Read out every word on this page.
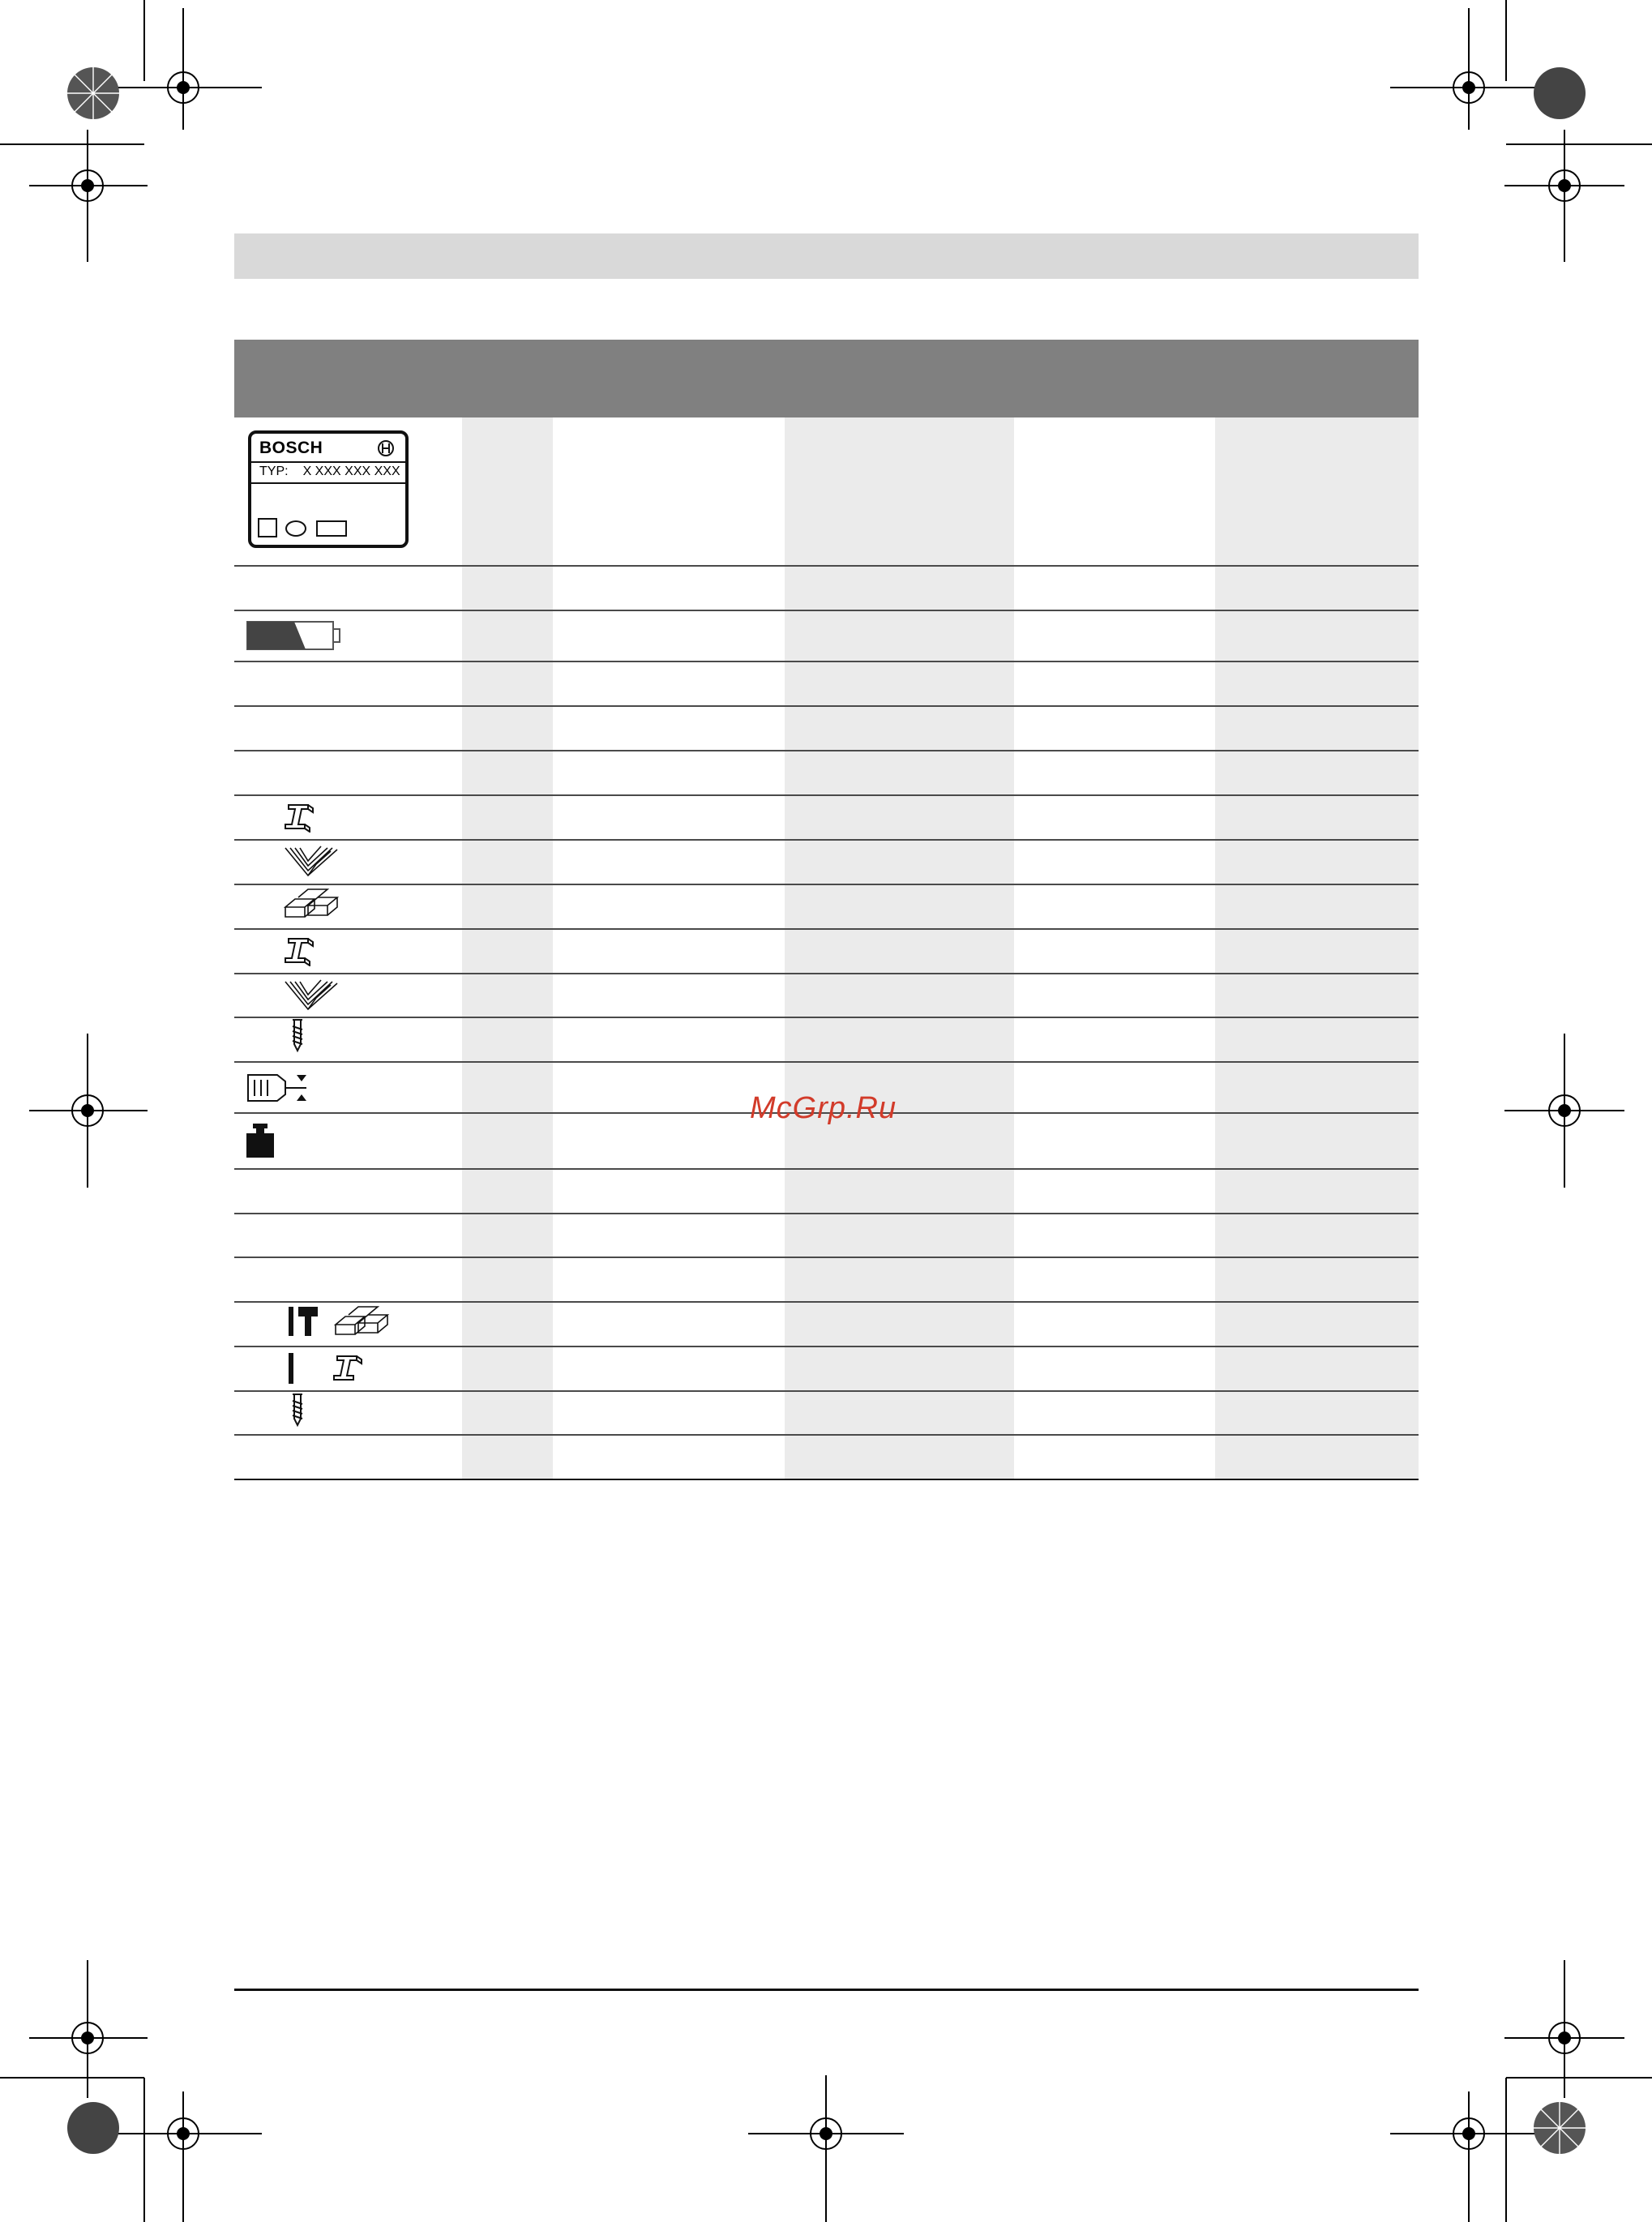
BOSCH
TYP: X XXX XXX XXX
McGrp.Ru
